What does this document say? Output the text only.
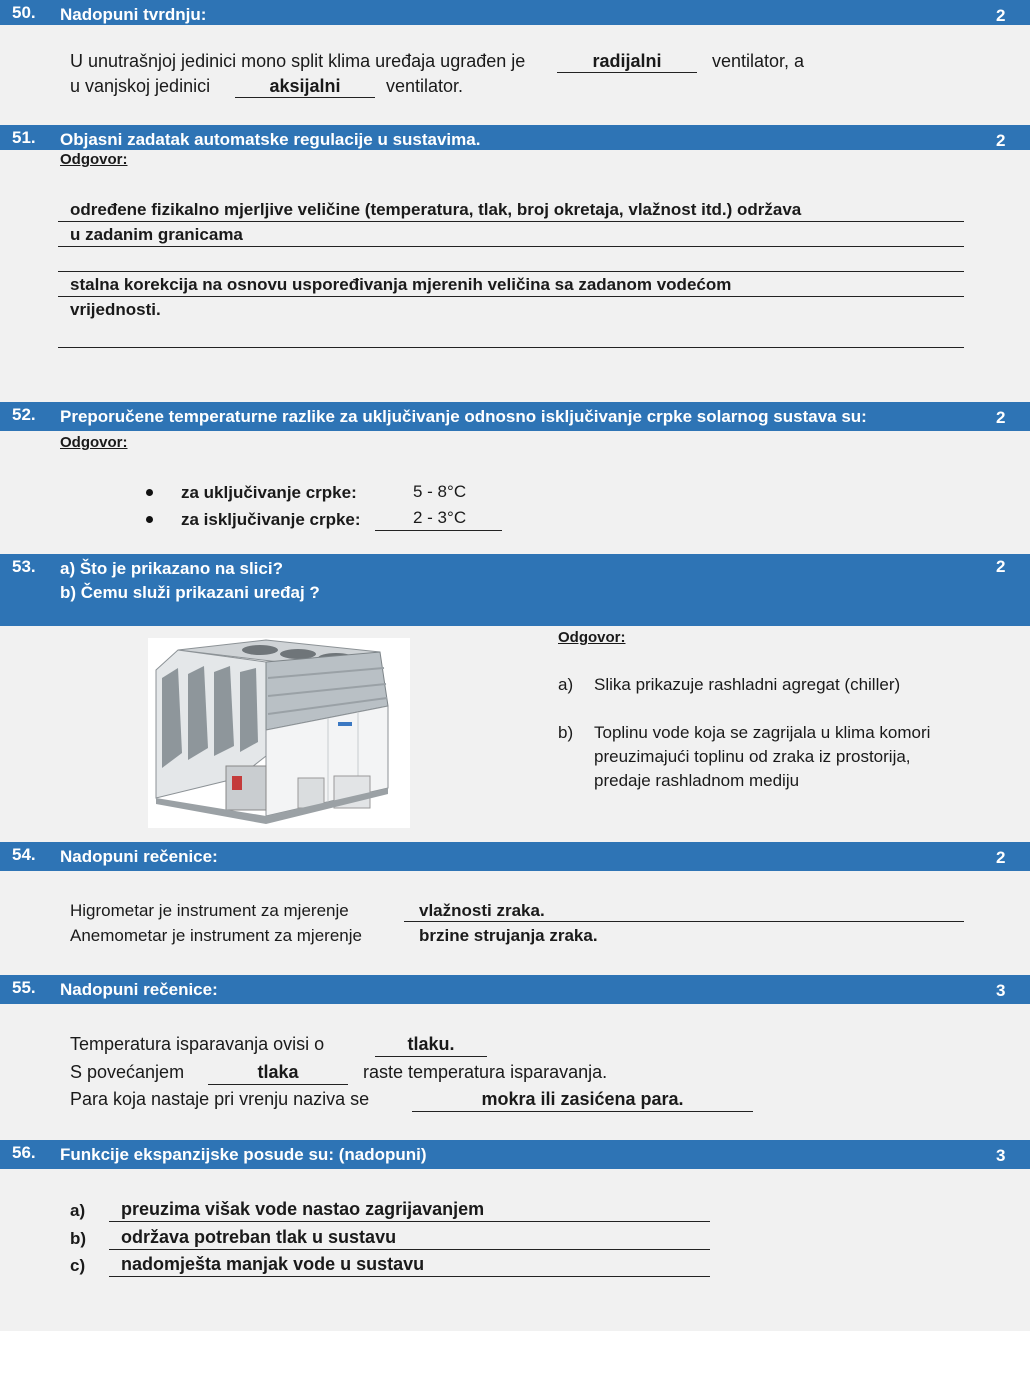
50. Nadopuni tvrdnju:	2
U unutrašnjoj jedinici mono split klima uređaja ugrađen je	radijalni	ventilator, a
u vanjskoj jedinici	aksijalni	ventilator.
51. Objasni zadatak automatske regulacije u sustavima.	2
Odgovor:
određene fizikalno mjerljive veličine (temperatura, tlak, broj okretaja, vlažnost itd.) održava
u zadanim granicama
stalna korekcija na osnovu uspoređivanja mjerenih veličina sa zadanom vodećom
vrijednosti.
52. Preporučene temperaturne razlike za uključivanje odnosno isključivanje crpke solarnog sustava su:	2
Odgovor:
za uključivanje crpke:	5 - 8°C
za isključivanje crpke:	2 - 3°C
53. a) Što je prikazano na slici?
b) Čemu služi prikazani uređaj ?
2
Odgovor:
a) Slika prikazuje rashladni agregat (chiller)
b) Toplinu vode koja se zagrijala u klima komori
preuzimajući toplinu od zraka iz prostorija,
predaje rashladnom mediju
54. Nadopuni rečenice:	2
Higrometar je instrument za mjerenje	vlažnosti zraka.
Anemometar je instrument za mjerenje	brzine strujanja zraka.
55. Nadopuni rečenice:	3
Temperatura isparavanja ovisi o	tlaku.
S povećanjem	tlaka	raste temperatura isparavanja.
Para koja nastaje pri vrenju naziva se	mokra ili zasićena para.
56. Funkcije ekspanzijske posude su: (nadopuni)	3
a) preuzima višak vode nastao zagrijavanjem
b) održava potreban tlak u sustavu
c) nadomješta manjak vode u sustavu
